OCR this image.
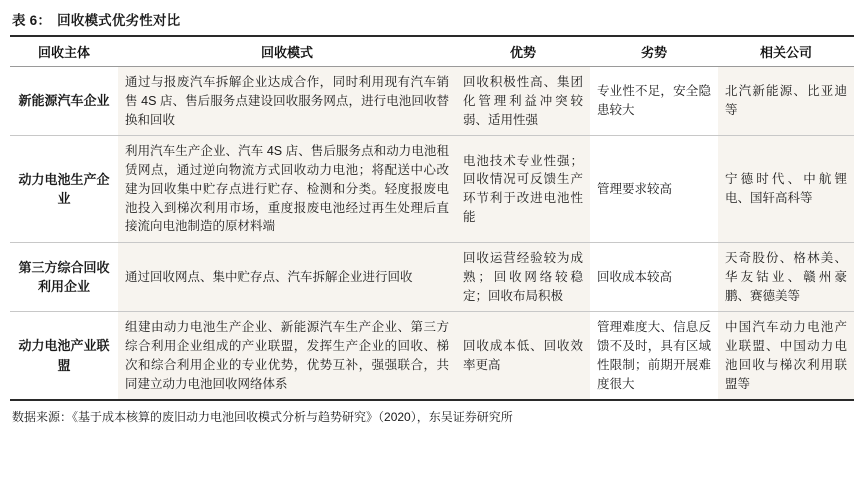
表 6： 回收模式优劣性对比
回收主体	回收模式	优势	劣势	相关公司
新能源汽车企业	通过与报废汽车拆解企业达成合作，同时利用现有汽车销售 4S 店、售后服务点建设回收服务网点，进行电池回收替换和回收	回收积极性高、集团化管理利益冲突较弱、适用性强	专业性不足，安全隐患较大	北汽新能源、比亚迪等
动力电池生产企业	利用汽车生产企业、汽车 4S 店、售后服务点和动力电池租赁网点，通过逆向物流方式回收动力电池；将配送中心改建为回收集中贮存点进行贮存、检测和分类。轻度报废电池投入到梯次利用市场，重度报废电池经过再生处理后直接流向电池制造的原材料端	电池技术专业性强；回收情况可反馈生产环节利于改进电池性能	管理要求较高	宁德时代、中航锂电、国轩高科等
第三方综合回收利用企业	通过回收网点、集中贮存点、汽车拆解企业进行回收	回收运营经验较为成熟；回收网络较稳定；回收布局积极	回收成本较高	天奇股份、格林美、华友钴业、赣州豪鹏、赛德美等
动力电池产业联盟	组建由动力电池生产企业、新能源汽车生产企业、第三方综合利用企业组成的产业联盟，发挥生产企业的回收、梯次和综合利用企业的专业优势，优势互补，强强联合，共同建立动力电池回收网络体系	回收成本低、回收效率更高	管理难度大、信息反馈不及时，具有区域性限制；前期开展难度很大	中国汽车动力电池产业联盟、中国动力电池回收与梯次利用联盟等
数据来源：《基于成本核算的废旧动力电池回收模式分析与趋势研究》（2020），东吴证券研究所
